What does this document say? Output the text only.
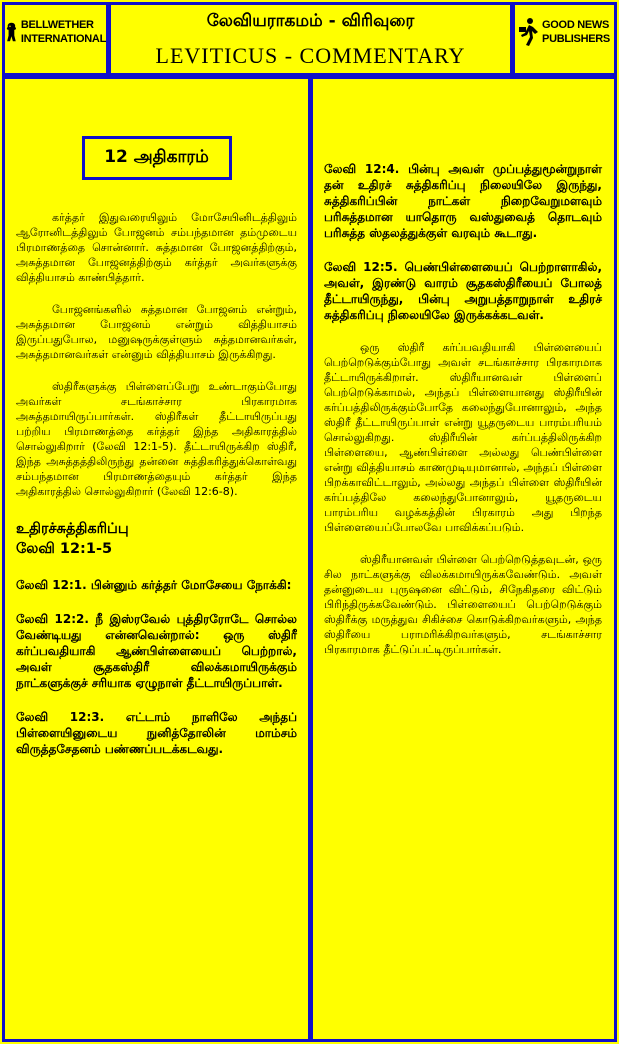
BELLWETHER
INTERNATIONAL
லேவியராகமம் - விரிவுரை
LEVITICUS - COMMENTARY
GOOD NEWS
PUBLISHERS
12 அதிகாரம்

கர்த்தர் இதுவரையிலும் மோசேயினிடத்திலும் ஆரோனிடத்திலும் போஜனம் சம்பந்தமான தம்முடைய பிரமாணத்தை சொன்னார். சுத்தமான போஜனத்திற்கும், அசுத்தமான போஜனத்திற்கும் கர்த்தர் அவர்களுக்கு வித்தியாசம் காண்பித்தார்.

போஜனங்களில் சுத்தமான போஜனம் என்றும், அசுத்தமான போஜனம் என்றும் வித்தியாசம் இருப்பதுபோல, மனுஷருக்குள்ளும் சுத்தமானவர்கள், அசுத்தமானவர்கள் என்னும் வித்தியாசம் இருக்கிறது.

ஸ்திரீகளுக்கு பிள்ளைப்பேறு உண்டாகும்போது அவர்கள் சடங்காச்சார பிரகாரமாக அசுத்தமாயிருப்பார்கள். ஸ்திரீகள் தீட்டாயிருப்பது பற்றிய பிரமாணத்தை கர்த்தர் இந்த அதிகாரத்தில் சொல்லுகிறார் (லேவி 12:1-5). தீட்டாயிருக்கிற ஸ்திரீ, இந்த அசுத்தத்திலிருந்து தன்னை சுத்திகரித்துக்கொள்வது சம்பந்தமான பிரமாணத்தையும் கர்த்தர் இந்த அதிகாரத்தில் சொல்லுகிறார் (லேவி 12:6-8).

உதிரச்சுத்திகரிப்பு
லேவி 12:1-5

லேவி 12:1. பின்னும் கர்த்தர் மோசேயை நோக்கி:

லேவி 12:2. நீ இஸ்ரவேல் புத்திரரோடே சொல்ல வேண்டியது என்னவென்றால்: ஒரு ஸ்திரீ கர்ப்பவதியாகி ஆண்பிள்ளையைப் பெற்றால், அவள் சூதகஸ்திரீ விலக்கமாயிருக்கும் நாட்களுக்குச் சரியாக ஏழுநாள் தீட்டாயிருப்பாள்.

லேவி 12:3. எட்டாம் நாளிலே அந்தப் பிள்ளையினுடைய நுனித்தோலின் மாம்சம் விருத்தசேதனம் பண்ணப்படக்கடவது.

லேவி 12:4. பின்பு அவள் முப்பத்துமூன்றுநாள் தன் உதிரச் சுத்திகரிப்பு நிலையிலே இருந்து, சுத்திகரிப்பின் நாட்கள் நிறைவேறுமளவும் பரிசுத்தமான யாதொரு வஸ்துவைத் தொடவும் பரிசுத்த ஸ்தலத்துக்குள் வரவும் கூடாது.

லேவி 12:5. பெண்பிள்ளையைப் பெற்றாளாகில், அவள், இரண்டு வாரம் சூதகஸ்திரீயைப் போலத் தீட்டாயிருந்து, பின்பு அறுபத்தாறுநாள் உதிரச் சுத்திகரிப்பு நிலையிலே இருக்கக்கடவள்.

ஒரு ஸ்திரீ கர்ப்பவதியாகி பிள்ளையைப் பெற்றெடுக்கும்போது அவள் சடங்காச்சார பிரகாரமாக தீட்டாயிருக்கிறாள். ஸ்திரீயானவள் பிள்ளைப் பெற்றெடுக்காமல், அந்தப் பிள்ளையானது ஸ்திரீயின் கர்ப்பத்திலிருக்கும்போதே கலைந்துபோனாலும், அந்த ஸ்திரீ தீட்டாயிருப்பாள் என்று யூதருடைய பாரம்பரியம் சொல்லுகிறது. ஸ்திரீயின் கர்ப்பத்திலிருக்கிற பிள்ளையை, ஆண்பிள்ளை அல்லது பெண்பிள்ளை என்று வித்தியாசம் காணமுடியுமானால், அந்தப் பிள்ளை பிறக்காவிட்டாலும், அல்லது அந்தப் பிள்ளை ஸ்திரீயின் கர்ப்பத்திலே கலைந்துபோனாலும், யூதருடைய பாரம்பரிய வழக்கத்தின் பிரகாரம் அது பிறந்த பிள்ளையைப்போலவே பாவிக்கப்படும்.

ஸ்திரீயானவள் பிள்ளை பெற்றெடுத்தவுடன், ஒரு சில நாட்களுக்கு விலக்கமாயிருக்கவேண்டும். அவள் தன்னுடைய புருஷனை விட்டும், சிநேகிதரை விட்டும் பிரிந்திருக்கவேண்டும். பிள்ளையைப் பெற்றெடுக்கும் ஸ்திரீக்கு மருத்துவ சிகிச்சை கொடுக்கிறவர்களும், அந்த ஸ்திரீயை பராமரிக்கிறவர்களும், சடங்காச்சார பிரகாரமாக தீட்டுப்பட்டிருப்பார்கள்.
